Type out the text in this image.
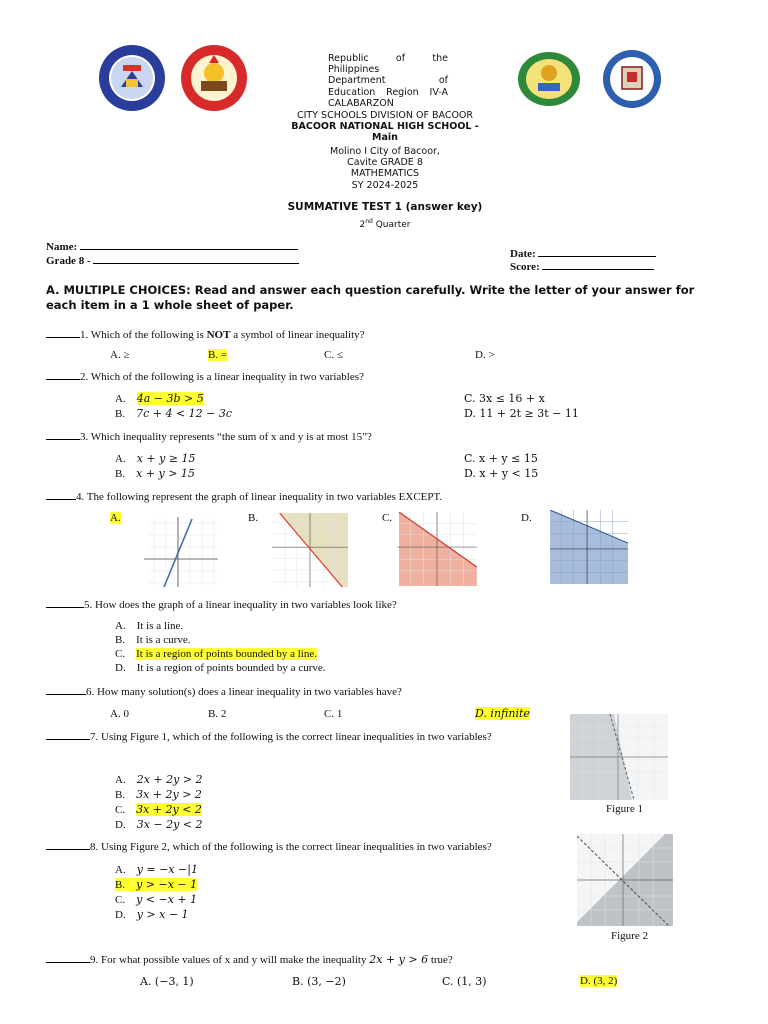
Republic of the
Philippines
Department of
Education Region IV-A
CALABARZON
CITY SCHOOLS DIVISION OF BACOOR
BACOOR NATIONAL HIGH SCHOOL -
Main
Molino I City of Bacoor,
Cavite GRADE 8
MATHEMATICS
SY 2024-2025
SUMMATIVE TEST 1 (answer key)
2nd Quarter
Name:
Grade 8 -
Date:
Score:
A. MULTIPLE CHOICES: Read and answer each question carefully. Write the letter of your answer for
each item in a 1 whole sheet of paper.
1. Which of the following is NOT a symbol of linear inequality?
A. ≥	B. =	C. ≤	D. >
2. Which of the following is a linear inequality in two variables?
A. 4a − 3b > 5
B. 7c + 4 < 12 − 3c
C. 3x ≤ 16 + x
D. 11 + 2t ≥ 3t − 11
3. Which inequality represents “the sum of x and y is at most 15”?
A. x + y ≥ 15
B. x + y > 15
C. x + y ≤ 15
D. x + y < 15
4. The following represent the graph of linear inequality in two variables EXCEPT.
A.	B.	C.	D.
5. How does the graph of a linear inequality in two variables look like?
A. It is a line.
B. It is a curve.
C. It is a region of points bounded by a line.
D. It is a region of points bounded by a curve.
6. How many solution(s) does a linear inequality in two variables have?
A. 0	B. 2	C. 1	D. infinite
7. Using Figure 1, which of the following is the correct linear inequalities in two variables?
A. 2x + 2y > 2
B. 3x + 2y > 2
C. 3x + 2y < 2
D. 3x − 2y < 2
Figure 1
8. Using Figure 2, which of the following is the correct linear inequalities in two variables?
A. y = −x −|1
B. y > −x − 1
C. y < −x + 1
D. y > x − 1
Figure 2
9. For what possible values of x and y will make the inequality 2x + y > 6 true?
A. (−3, 1)	B. (3, −2)	C. (1, 3)	D. (3, 2)
